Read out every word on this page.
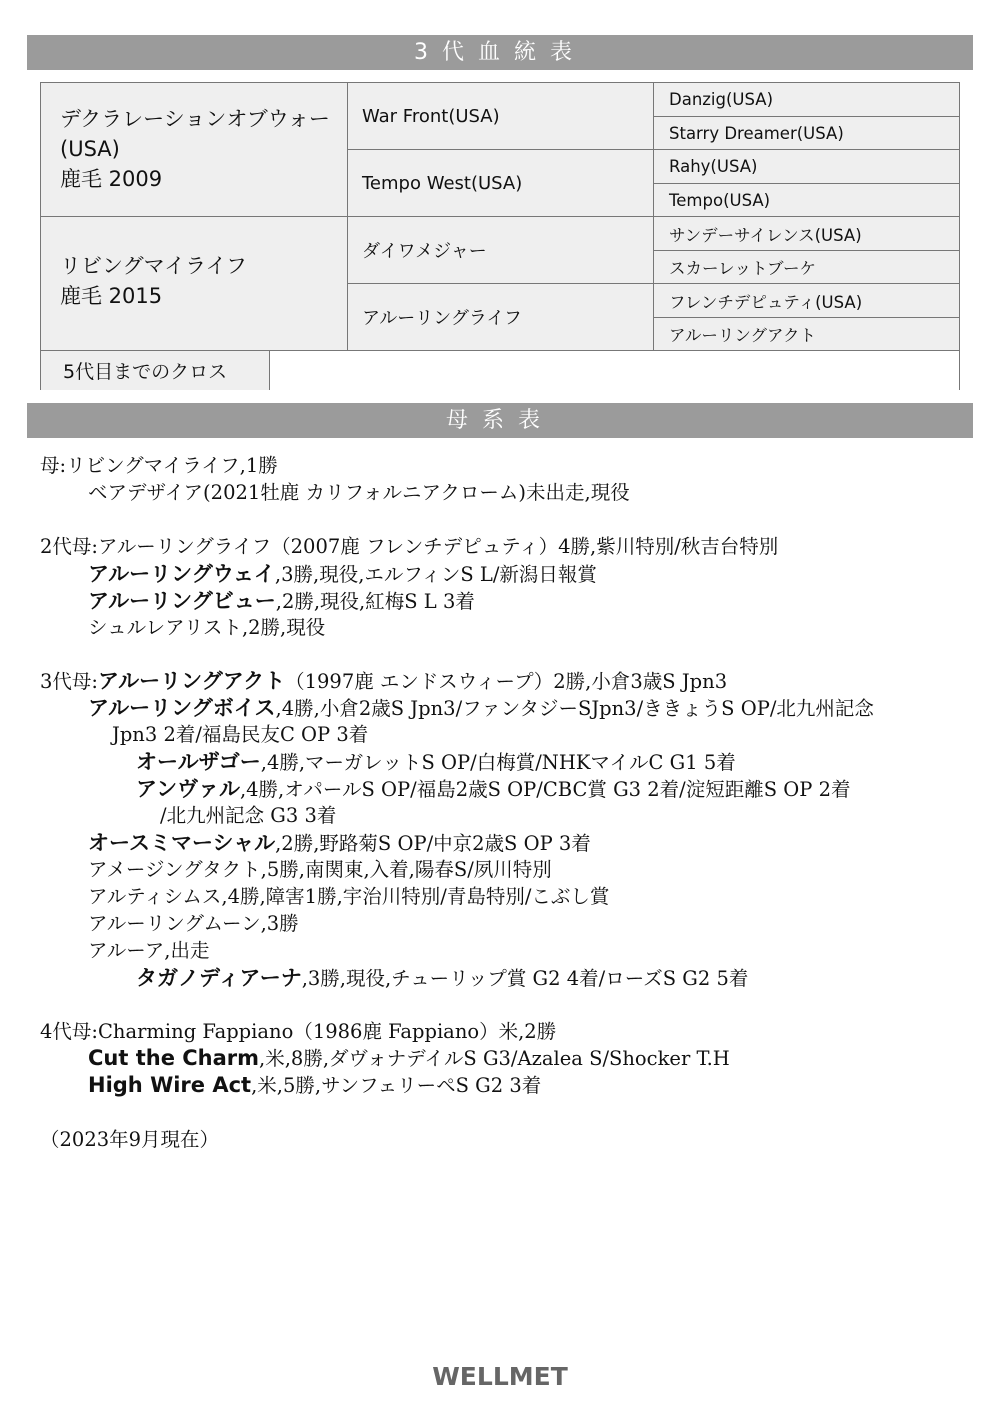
3代血統表
デクラレーションオブウォー
(USA)
鹿毛 2009
リビングマイライフ
鹿毛 2015
War Front(USA)
Tempo West(USA)
ダイワメジャー
アルーリングライフ
Danzig(USA)
Starry Dreamer(USA)
Rahy(USA)
Tempo(USA)
サンデーサイレンス(USA)
スカーレットブーケ
フレンチデピュティ(USA)
アルーリングアクト
5代目までのクロス
母系表
母:リビングマイライフ,1勝
ベアデザイア(2021牡鹿 カリフォルニアクローム)未出走,現役
2代母:アルーリングライフ（2007鹿 フレンチデピュティ）4勝,紫川特別/秋吉台特別
アルーリングウェイ,3勝,現役,エルフィンS L/新潟日報賞
アルーリングビュー,2勝,現役,紅梅S L 3着
シュルレアリスト,2勝,現役
3代母:アルーリングアクト（1997鹿 エンドスウィープ）2勝,小倉3歳S Jpn3
アルーリングボイス,4勝,小倉2歳S Jpn3/ファンタジーSJpn3/ききょうS OP/北九州記念
Jpn3 2着/福島民友C OP 3着
オールザゴー,4勝,マーガレットS OP/白梅賞/NHKマイルC G1 5着
アンヴァル,4勝,オパールS OP/福島2歳S OP/CBC賞 G3 2着/淀短距離S OP 2着
/北九州記念 G3 3着
オースミマーシャル,2勝,野路菊S OP/中京2歳S OP 3着
アメージングタクト,5勝,南関東,入着,陽春S/夙川特別
アルティシムス,4勝,障害1勝,宇治川特別/青島特別/こぶし賞
アルーリングムーン,3勝
アルーア,出走
タガノディアーナ,3勝,現役,チューリップ賞 G2 4着/ローズS G2 5着
4代母:Charming Fappiano（1986鹿 Fappiano）米,2勝
Cut the Charm,米,8勝,ダヴォナデイルS G3/Azalea S/Shocker T.H
High Wire Act,米,5勝,サンフェリーペS G2 3着
（2023年9月現在）
WELLMET
